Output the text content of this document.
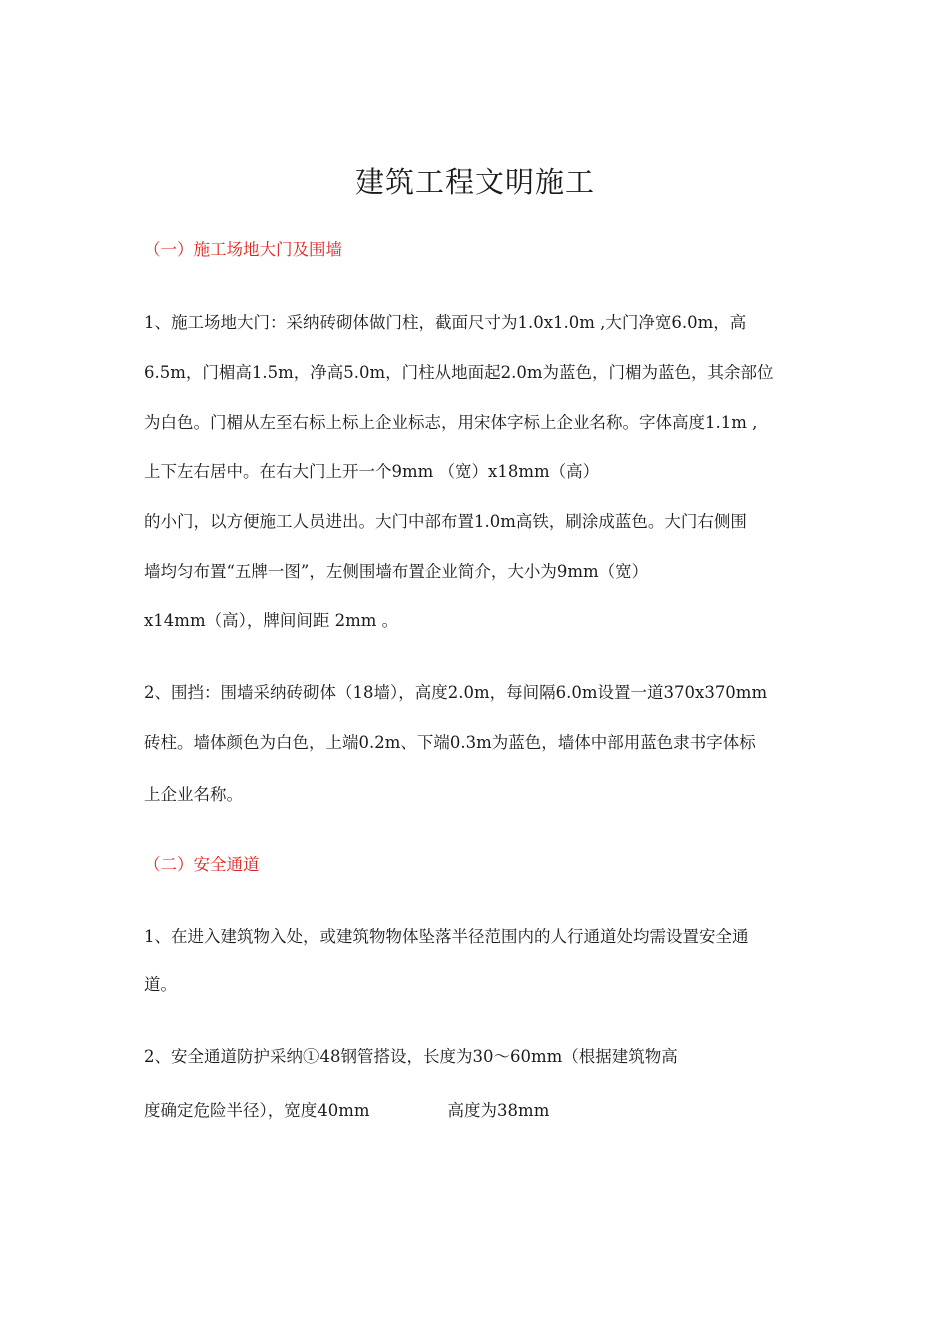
建筑工程文明施工
（一）施工场地大门及围墙
1、施工场地大门：采纳砖砌体做门柱，截面尺寸为1.0x1.0m ,大门净宽6.0m，高
6.5m，门楣高1.5m，净高5.0m，门柱从地面起2.0m为蓝色，门楣为蓝色，其余部位
为白色。门楣从左至右标上标上企业标志，用宋体字标上企业名称。字体高度1.1m ,
上下左右居中。在右大门上开一个9mm （宽）x18mm（高）
的小门，以方便施工人员进出。大门中部布置1.0m高铁，刷涂成蓝色。大门右侧围
墙均匀布置“五牌一图”，左侧围墙布置企业简介，大小为9mm（宽）
x14mm（高），牌间间距 2mm 。
2、围挡：围墙采纳砖砌体（18墙），高度2.0m，每间隔6.0m设置一道370x370mm
砖柱。墙体颜色为白色，上端0.2m、下端0.3m为蓝色，墙体中部用蓝色隶书字体标
上企业名称。
（二）安全通道
1、在进入建筑物入处，或建筑物物体坠落半径范围内的人行通道处均需设置安全通
道。
2、安全通道防护采纳①48钢管搭设，长度为30〜60mm（根据建筑物高
度确定危险半径），宽度40mm	高度为38mm
